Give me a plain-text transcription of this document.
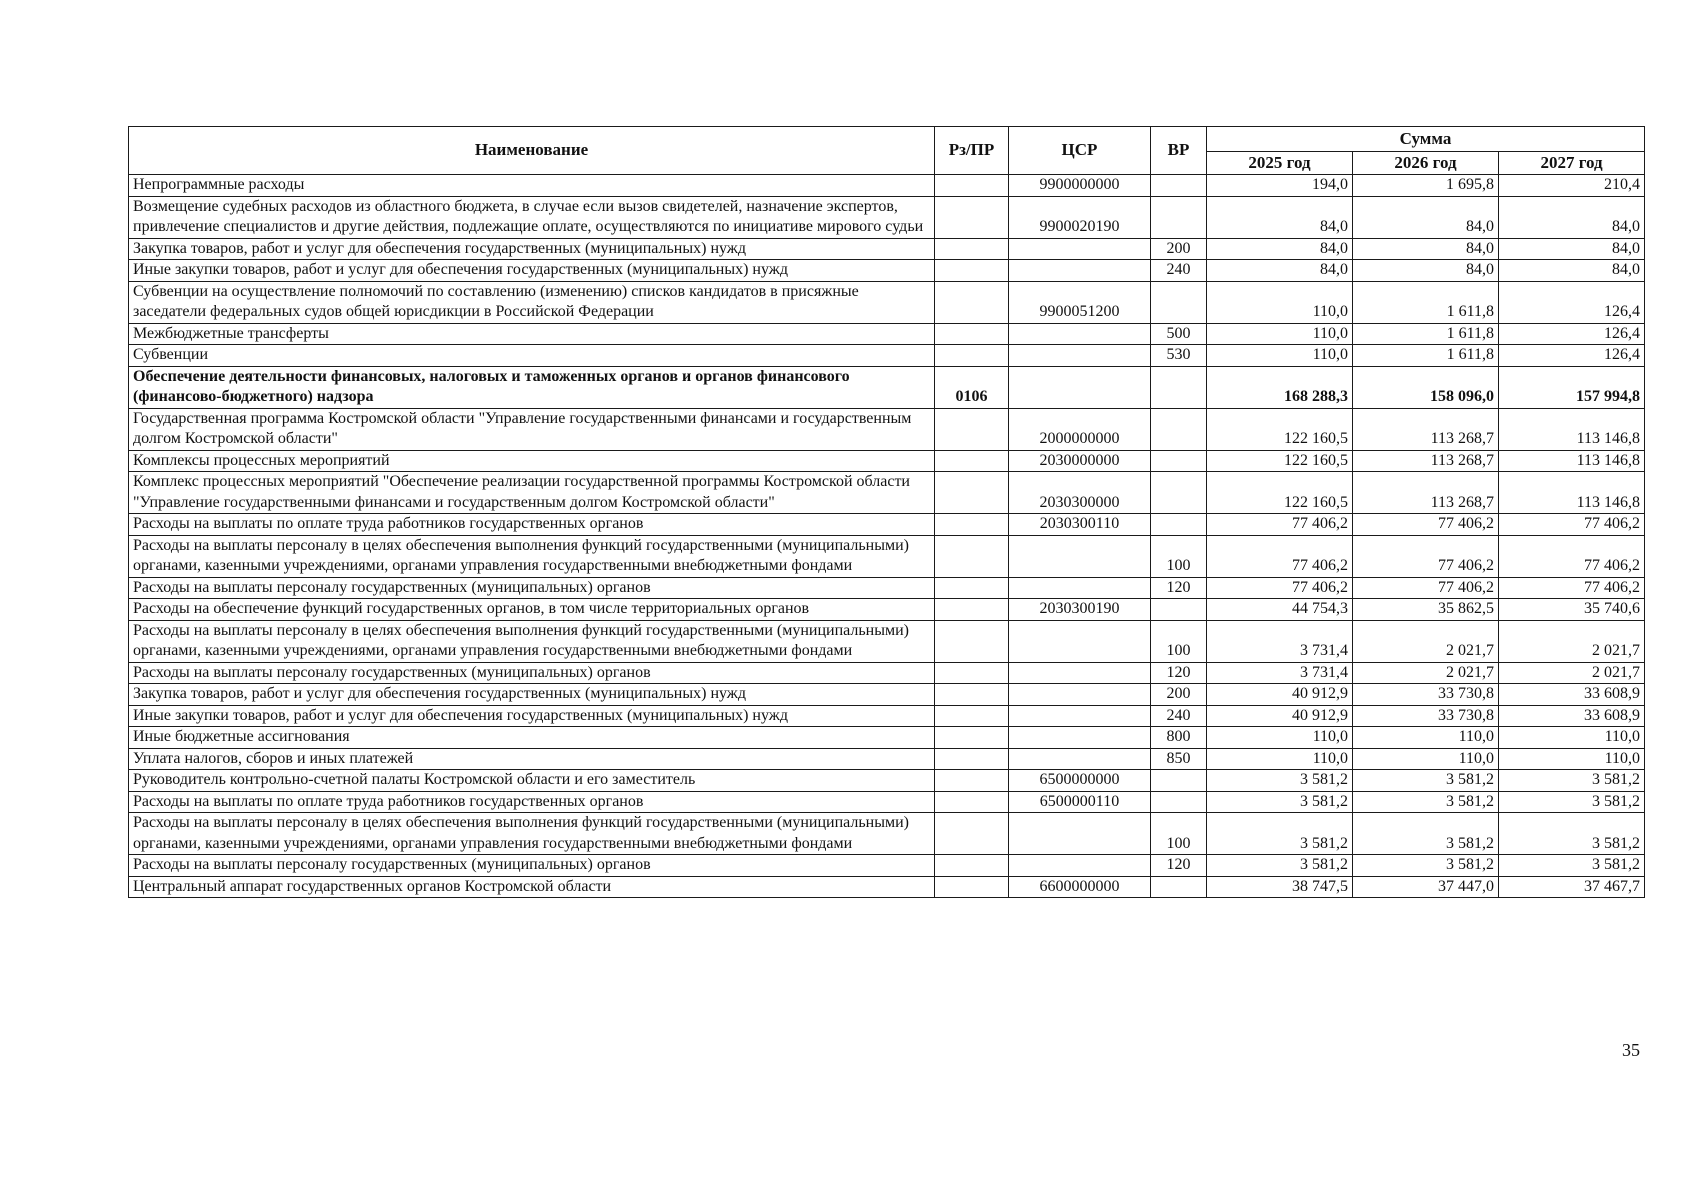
Наименование	Рз/ПР	ЦСР	ВР	Сумма		
				2025 год	2026 год	2027 год
Непрограммные расходы		9900000000		194,0	1 695,8	210,4
Возмещение судебных расходов из областного бюджета, в случае если вызов свидетелей, назначение экспертов, привлечение специалистов и другие действия, подлежащие оплате, осуществляются по инициативе мирового судьи		9900020190		84,0	84,0	84,0
Закупка товаров, работ и услуг для обеспечения государственных (муниципальных) нужд			200	84,0	84,0	84,0
Иные закупки товаров, работ и услуг для обеспечения государственных (муниципальных) нужд			240	84,0	84,0	84,0
Субвенции на осуществление полномочий по составлению (изменению) списков кандидатов в присяжные заседатели федеральных судов общей юрисдикции в Российской Федерации		9900051200		110,0	1 611,8	126,4
Межбюджетные трансферты			500	110,0	1 611,8	126,4
Субвенции			530	110,0	1 611,8	126,4
Обеспечение деятельности финансовых, налоговых и таможенных органов и органов финансового (финансово-бюджетного) надзора	0106			168 288,3	158 096,0	157 994,8
Государственная программа Костромской области "Управление государственными финансами и государственным долгом Костромской области"		2000000000		122 160,5	113 268,7	113 146,8
Комплексы процессных мероприятий		2030000000		122 160,5	113 268,7	113 146,8
Комплекс процессных мероприятий "Обеспечение реализации государственной программы Костромской области "Управление государственными финансами и государственным долгом Костромской области"		2030300000		122 160,5	113 268,7	113 146,8
Расходы на выплаты по оплате труда работников государственных органов		2030300110		77 406,2	77 406,2	77 406,2
Расходы на выплаты персоналу в целях обеспечения выполнения функций государственными (муниципальными) органами, казенными учреждениями, органами управления государственными внебюджетными фондами			100	77 406,2	77 406,2	77 406,2
Расходы на выплаты персоналу государственных (муниципальных) органов			120	77 406,2	77 406,2	77 406,2
Расходы на обеспечение функций государственных органов, в том числе территориальных органов		2030300190		44 754,3	35 862,5	35 740,6
Расходы на выплаты персоналу в целях обеспечения выполнения функций государственными (муниципальными) органами, казенными учреждениями, органами управления государственными внебюджетными фондами			100	3 731,4	2 021,7	2 021,7
Расходы на выплаты персоналу государственных (муниципальных) органов			120	3 731,4	2 021,7	2 021,7
Закупка товаров, работ и услуг для обеспечения государственных (муниципальных) нужд			200	40 912,9	33 730,8	33 608,9
Иные закупки товаров, работ и услуг для обеспечения государственных (муниципальных) нужд			240	40 912,9	33 730,8	33 608,9
Иные бюджетные ассигнования			800	110,0	110,0	110,0
Уплата налогов, сборов и иных платежей			850	110,0	110,0	110,0
Руководитель контрольно-счетной палаты Костромской области и его заместитель		6500000000		3 581,2	3 581,2	3 581,2
Расходы на выплаты по оплате труда работников государственных органов		6500000110		3 581,2	3 581,2	3 581,2
Расходы на выплаты персоналу в целях обеспечения выполнения функций государственными (муниципальными) органами, казенными учреждениями, органами управления государственными внебюджетными фондами			100	3 581,2	3 581,2	3 581,2
Расходы на выплаты персоналу государственных (муниципальных) органов			120	3 581,2	3 581,2	3 581,2
Центральный аппарат государственных органов Костромской области		6600000000		38 747,5	37 447,0	37 467,7
35
